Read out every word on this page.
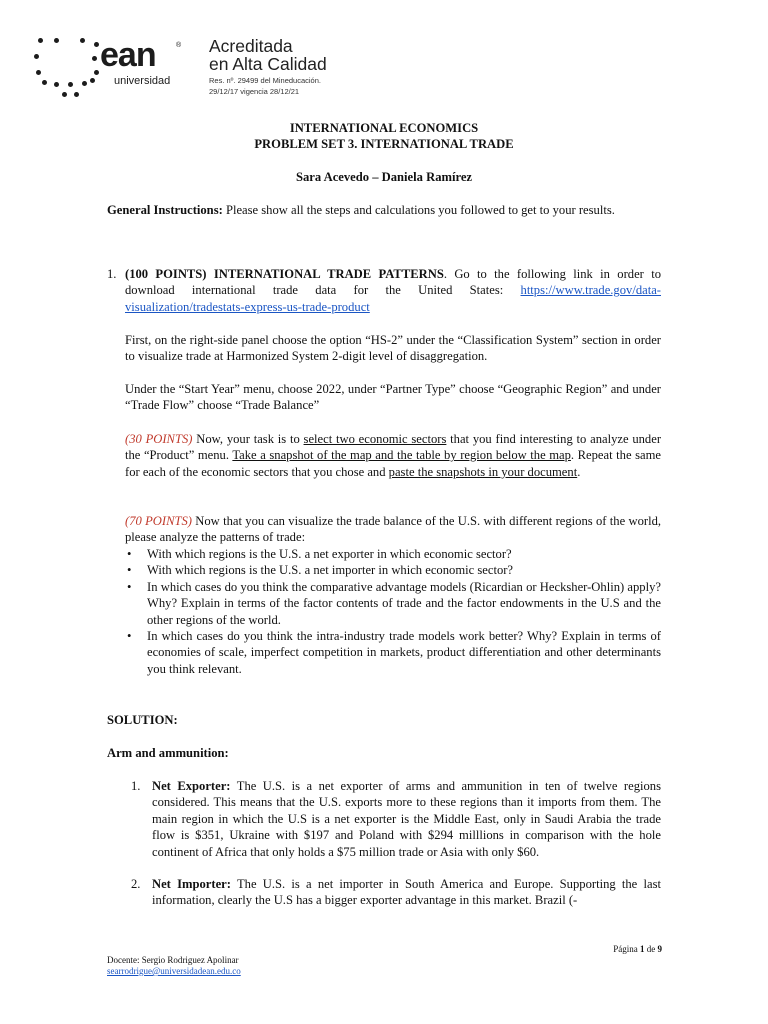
ean	®
universidad
Acreditada
en Alta Calidad
Res. nº. 29499 del Mineducación.
29/12/17 vigencia 28/12/21
INTERNATIONAL ECONOMICS
PROBLEM SET 3. INTERNATIONAL TRADE
Sara Acevedo – Daniela Ramírez
General Instructions: Please show all the steps and calculations you followed to get to your results.
1. (100 POINTS) INTERNATIONAL TRADE PATTERNS. Go to the following link in order to download international trade data for the United States: https://www.trade.gov/data-visualization/tradestats-express-us-trade-product
First, on the right-side panel choose the option “HS-2” under the “Classification System” section in order to visualize trade at Harmonized System 2-digit level of disaggregation.
Under the “Start Year” menu, choose 2022, under “Partner Type” choose “Geographic Region” and under “Trade Flow” choose “Trade Balance”
(30 POINTS) Now, your task is to select two economic sectors that you find interesting to analyze under the “Product” menu. Take a snapshot of the map and the table by region below the map. Repeat the same for each of the economic sectors that you chose and paste the snapshots in your document.
(70 POINTS) Now that you can visualize the trade balance of the U.S. with different regions of the world, please analyze the patterns of trade:
• With which regions is the U.S. a net exporter in which economic sector?
• With which regions is the U.S. a net importer in which economic sector?
• In which cases do you think the comparative advantage models (Ricardian or Hecksher-Ohlin) apply? Why? Explain in terms of the factor contents of trade and the factor endowments in the U.S and the other regions of the world.
• In which cases do you think the intra-industry trade models work better? Why? Explain in terms of economies of scale, imperfect competition in markets, product differentiation and other determinants you think relevant.
SOLUTION:
Arm and ammunition:
1. Net Exporter: The U.S. is a net exporter of arms and ammunition in ten of twelve regions considered. This means that the U.S. exports more to these regions than it imports from them. The main region in which the U.S is a net exporter is the Middle East, only in Saudi Arabia the trade flow is $351, Ukraine with $197 and Poland with $294 milllions in comparison with the hole continent of Africa that only holds a $75 million trade or Asia with only $60.
2. Net Importer: The U.S. is a net importer in South America and Europe. Supporting the last information, clearly the U.S has a bigger exporter advantage in this market. Brazil (-
Página 1 de 9
Docente: Sergio Rodriguez Apolinar
searrodrigue@universidadean.edu.co
